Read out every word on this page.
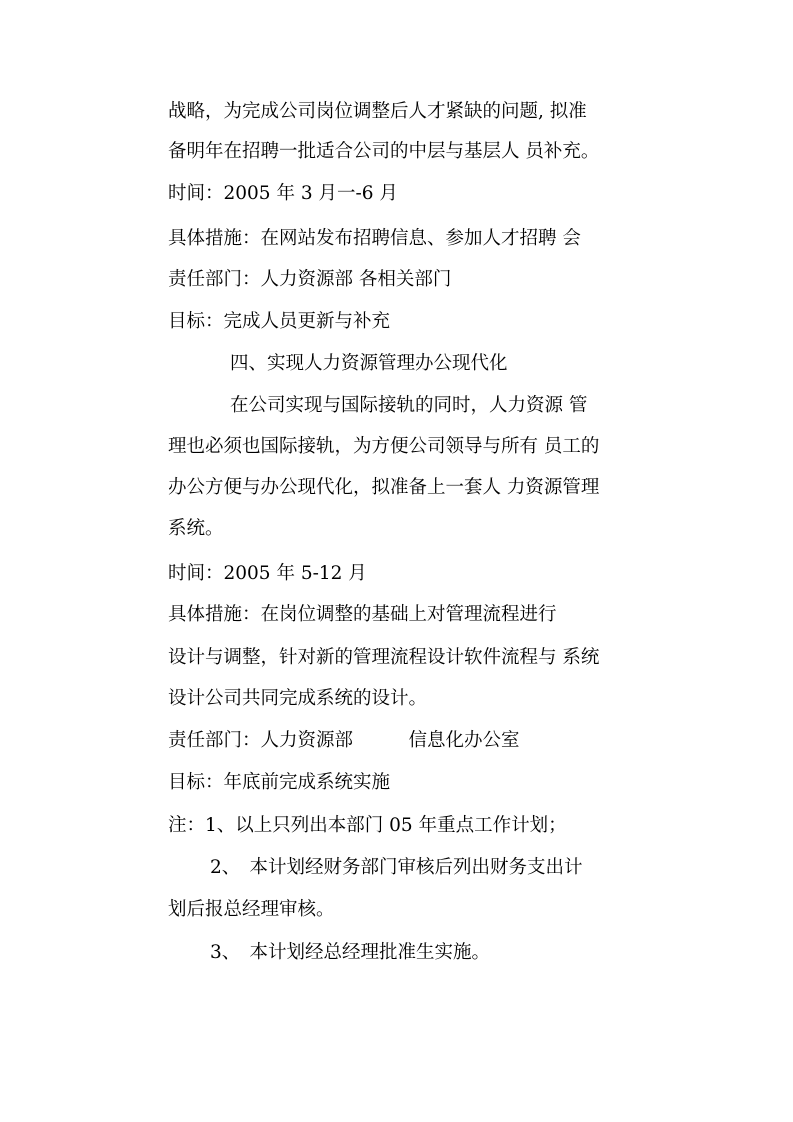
战略，为完成公司岗位调整后人才紧缺的问题, 拟准
备明年在招聘一批适合公司的中层与基层人 员补充。
时间：2005 年 3 月一-6 月
具体措施：在网站发布招聘信息、参加人才招聘 会
责任部门：人力资源部 各相关部门
目标：完成人员更新与补充
四、实现人力资源管理办公现代化
在公司实现与国际接轨的同时，人力资源 管
理也必须也国际接轨，为方便公司领导与所有 员工的
办公方便与办公现代化，拟准备上一套人 力资源管理
系统。
时间：2005 年 5-12 月
具体措施：在岗位调整的基础上对管理流程进行
设计与调整，针对新的管理流程设计软件流程与 系统
设计公司共同完成系统的设计。
责任部门：人力资源部　　　信息化办公室
目标：年底前完成系统实施
注：1、以上只列出本部门 05 年重点工作计划；
2、　本计划经财务部门审核后列出财务支出计
划后报总经理审核。
3、　本计划经总经理批准生实施。
